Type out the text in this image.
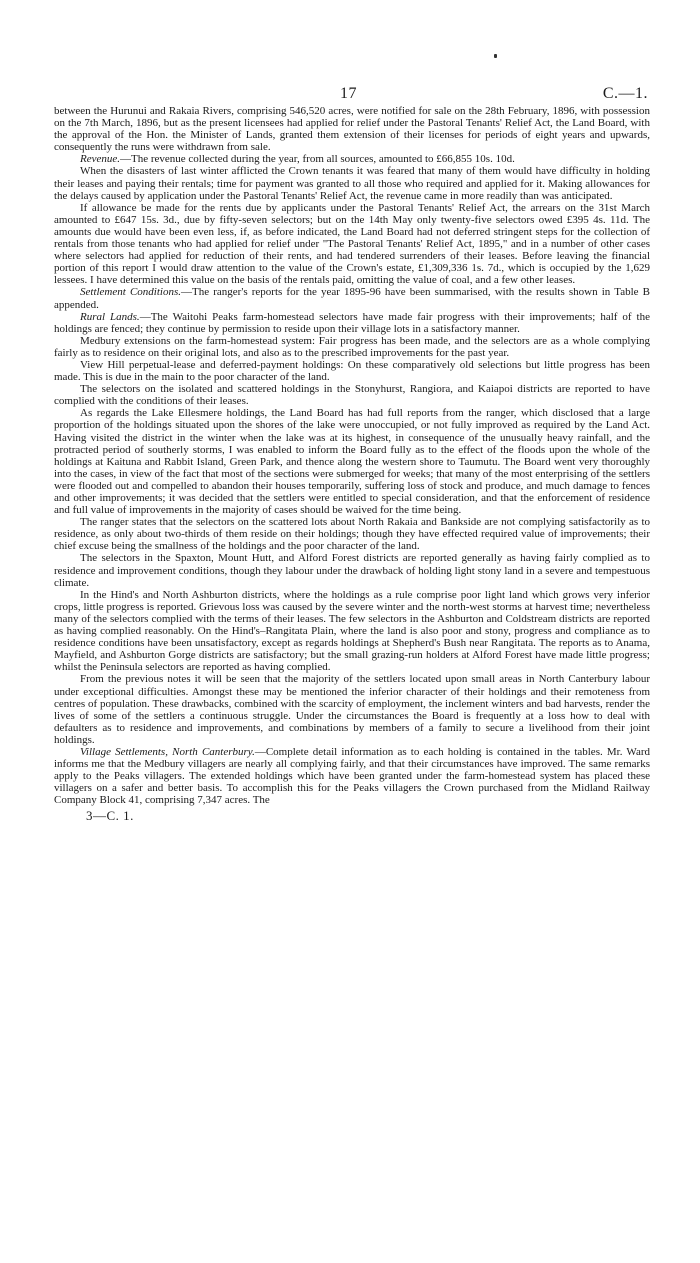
17	C.—1.

between the Hurunui and Rakaia Rivers, comprising 546,520 acres, were notified for sale on the 28th February, 1896, with possession on the 7th March, 1896, but as the present licensees had applied for relief under the Pastoral Tenants' Relief Act, the Land Board, with the approval of the Hon. the Minister of Lands, granted them extension of their licenses for periods of eight years and upwards, consequently the runs were withdrawn from sale.

Revenue.—The revenue collected during the year, from all sources, amounted to £66,855 10s. 10d.

When the disasters of last winter afflicted the Crown tenants it was feared that many of them would have difficulty in holding their leases and paying their rentals; time for payment was granted to all those who required and applied for it. Making allowances for the delays caused by application under the Pastoral Tenants' Relief Act, the revenue came in more readily than was anticipated.

If allowance be made for the rents due by applicants under the Pastoral Tenants' Relief Act, the arrears on the 31st March amounted to £647 15s. 3d., due by fifty-seven selectors; but on the 14th May only twenty-five selectors owed £395 4s. 11d. The amounts due would have been even less, if, as before indicated, the Land Board had not deferred stringent steps for the collection of rentals from those tenants who had applied for relief under "The Pastoral Tenants' Relief Act, 1895," and in a number of other cases where selectors had applied for reduction of their rents, and had tendered surrenders of their leases. Before leaving the financial portion of this report I would draw attention to the value of the Crown's estate, £1,309,336 1s. 7d., which is occupied by the 1,629 lessees. I have determined this value on the basis of the rentals paid, omitting the value of coal, and a few other leases.

Settlement Conditions.—The ranger's reports for the year 1895-96 have been summarised, with the results shown in Table B appended.

Rural Lands.—The Waitohi Peaks farm-homestead selectors have made fair progress with their improvements; half of the holdings are fenced; they continue by permission to reside upon their village lots in a satisfactory manner.

Medbury extensions on the farm-homestead system: Fair progress has been made, and the selectors are as a whole complying fairly as to residence on their original lots, and also as to the prescribed improvements for the past year.

View Hill perpetual-lease and deferred-payment holdings: On these comparatively old selections but little progress has been made. This is due in the main to the poor character of the land.

The selectors on the isolated and scattered holdings in the Stonyhurst, Rangiora, and Kaiapoi districts are reported to have complied with the conditions of their leases.

As regards the Lake Ellesmere holdings, the Land Board has had full reports from the ranger, which disclosed that a large proportion of the holdings situated upon the shores of the lake were unoccupied, or not fully improved as required by the Land Act. Having visited the district in the winter when the lake was at its highest, in consequence of the unusually heavy rainfall, and the protracted period of southerly storms, I was enabled to inform the Board fully as to the effect of the floods upon the whole of the holdings at Kaituna and Rabbit Island, Green Park, and thence along the western shore to Taumutu. The Board went very thoroughly into the cases, in view of the fact that most of the sections were submerged for weeks; that many of the most enterprising of the settlers were flooded out and compelled to abandon their houses temporarily, suffering loss of stock and produce, and much damage to fences and other improvements; it was decided that the settlers were entitled to special consideration, and that the enforcement of residence and full value of improvements in the majority of cases should be waived for the time being.

The ranger states that the selectors on the scattered lots about North Rakaia and Bankside are not complying satisfactorily as to residence, as only about two-thirds of them reside on their holdings; though they have effected required value of improvements; their chief excuse being the smallness of the holdings and the poor character of the land.

The selectors in the Spaxton, Mount Hutt, and Alford Forest districts are reported generally as having fairly complied as to residence and improvement conditions, though they labour under the drawback of holding light stony land in a severe and tempestuous climate.

In the Hind's and North Ashburton districts, where the holdings as a rule comprise poor light land which grows very inferior crops, little progress is reported. Grievous loss was caused by the severe winter and the north-west storms at harvest time; nevertheless many of the selectors complied with the terms of their leases. The few selectors in the Ashburton and Coldstream districts are reported as having complied reasonably. On the Hind's–Rangitata Plain, where the land is also poor and stony, progress and compliance as to residence conditions have been unsatisfactory, except as regards holdings at Shepherd's Bush near Rangitata. The reports as to Anama, Mayfield, and Ashburton Gorge districts are satisfactory; but the small grazing-run holders at Alford Forest have made little progress; whilst the Peninsula selectors are reported as having complied.

From the previous notes it will be seen that the majority of the settlers located upon small areas in North Canterbury labour under exceptional difficulties. Amongst these may be mentioned the inferior character of their holdings and their remoteness from centres of population. These drawbacks, combined with the scarcity of employment, the inclement winters and bad harvests, render the lives of some of the settlers a continuous struggle. Under the circumstances the Board is frequently at a loss how to deal with defaulters as to residence and improvements, and combinations by members of a family to secure a livelihood from their joint holdings.

Village Settlements, North Canterbury.—Complete detail information as to each holding is contained in the tables. Mr. Ward informs me that the Medbury villagers are nearly all complying fairly, and that their circumstances have improved. The same remarks apply to the Peaks villagers. The extended holdings which have been granted under the farm-homestead system has placed these villagers on a safer and better basis. To accomplish this for the Peaks villagers the Crown purchased from the Midland Railway Company Block 41, comprising 7,347 acres. The

3—C. 1.
